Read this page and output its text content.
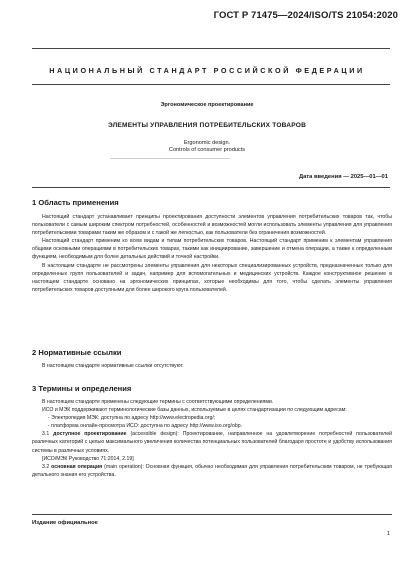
ГОСТ Р 71475—2024/ISO/TS 21054:2020
НАЦИОНАЛЬНЫЙ СТАНДАРТ РОССИЙСКОЙ ФЕДЕРАЦИИ
Эргономическое проектирование
ЭЛЕМЕНТЫ УПРАВЛЕНИЯ ПОТРЕБИТЕЛЬСКИХ ТОВАРОВ
Ergonomic design.
Controls of consumer products
Дата введения — 2025—01—01

1 Область применения

Настоящий стандарт устанавливает принципы проектирования доступности элементов управления потребительских товаров так, чтобы пользователи с самым широким спектром потребностей, особенностей и возможностей могли использовать элементы управления для управления потребительскими товарами таким же образом и с такой же легкостью, как пользователи без ограничения возможностей.

Настоящий стандарт применим ко всем видам и типам потребительских товаров. Настоящий стандарт применим к элементам управления общими основными операциями в потребительских товарах, такими как инициирование, завершение и отмена операции, а также к определенным функциям, необходимым для более детальных действий и точной настройки.

В настоящем стандарте не рассмотрены элементы управления для некоторых специализированных устройств, предназначенных только для определенных групп пользователей и задач, например для вспомогательных и медицинских устройств. Каждое конструктивное решение в настоящем стандарте основано на эргономических принципах, которые необходимы для того, чтобы сделать элементы управления потребительских товаров доступными для более широкого круга пользователей.

2 Нормативные ссылки

В настоящем стандарте нормативные ссылки отсутствуют.

3 Термины и определения

В настоящем стандарте применены следующие термины с соответствующими определениями.

ИСО и МЭК поддерживают терминологические базы данных, используемые в целях стандартизации по следующим адресам:

- Электропедия МЭК: доступна по адресу http://www.electropedia.org/;

- платформа онлайн-просмотра ИСО: доступна по адресу http://www.iso.org/obp.

3.1 доступное проектирование (accessible design): Проектирование, направленное на удовлетворение потребностей пользователей различных категорий с целью максимального увеличения количества потенциальных пользователей благодаря простоте и удобству использования системы в различных условиях.

[ИСО/МЭК Руководство 71:2014, 2.19]

3.2 основная операция (main operation): Основная функция, обычно необходимая для управления потребительским товаром, не требующая детального знания его устройства.

Издание официальное
1
